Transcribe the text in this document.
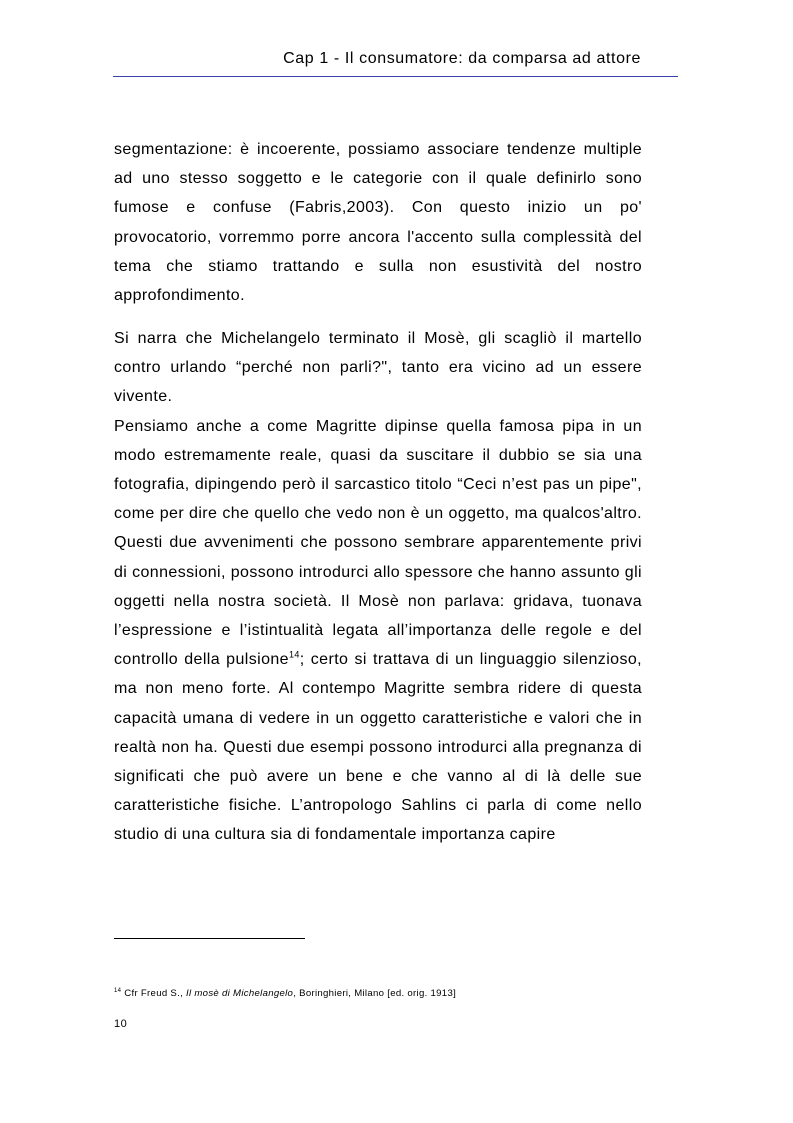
Cap 1 - Il consumatore: da comparsa ad attore
segmentazione: è incoerente, possiamo associare tendenze multiple ad uno stesso soggetto e le categorie con il quale definirlo sono fumose e confuse (Fabris,2003). Con questo inizio un po' provocatorio, vorremmo porre ancora l'accento sulla complessità del tema che stiamo trattando e sulla non esustività del nostro approfondimento.

Si narra che Michelangelo terminato il Mosè, gli scagliò il martello contro urlando “perché non parli?", tanto era vicino ad un essere vivente.

Pensiamo anche a come Magritte dipinse quella famosa pipa in un modo estremamente reale, quasi da suscitare il dubbio se sia una fotografia, dipingendo però il sarcastico titolo “Ceci n’est pas un pipe", come per dire che quello che vedo non è un oggetto, ma qualcos'altro. Questi due avvenimenti che possono sembrare apparentemente privi di connessioni, possono introdurci allo spessore che hanno assunto gli oggetti nella nostra società. Il Mosè non parlava: gridava, tuonava l’espressione e l’istintualità legata all’importanza delle regole e del controllo della pulsione$^{14}$; certo si trattava di un linguaggio silenzioso, ma non meno forte. Al contempo Magritte sembra ridere di questa capacità umana di vedere in un oggetto caratteristiche e valori che in realtà non ha. Questi due esempi possono introdurci alla pregnanza di significati che può avere un bene e che vanno al di là delle sue caratteristiche fisiche. L’antropologo Sahlins ci parla di come nello studio di una cultura sia di fondamentale importanza capire

$^{14}$ Cfr Freud S., Il mosè di Michelangelo, Boringhieri, Milano [ed. orig. 1913]
10
